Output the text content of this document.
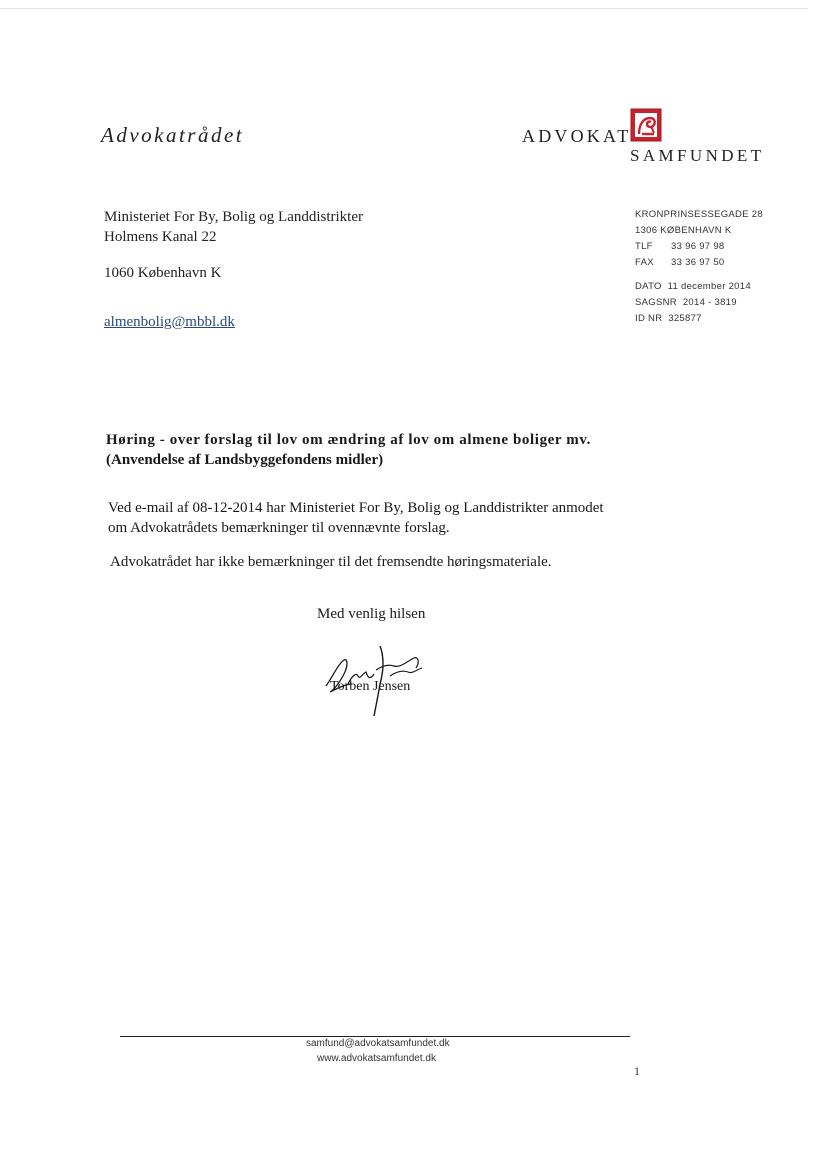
Advokatrådet	ADVOKAT
SAMFUNDET
Ministeriet For By, Bolig og Landdistrikter
Holmens Kanal 22
1060 København K
almenbolig@mbbl.dk
KRONPRINSESSEGADE 28
1306 KØBENHAVN K
TLF 33 96 97 98
FAX 33 36 97 50
DATO 11 december 2014
SAGSNR 2014 - 3819
ID NR 325877
Høring - over forslag til lov om ændring af lov om almene boliger mv.
(Anvendelse af Landsbyggefondens midler)
Ved e-mail af 08-12-2014 har Ministeriet For By, Bolig og Landdistrikter anmodet
om Advokatrådets bemærkninger til ovennævnte forslag.
Advokatrådet har ikke bemærkninger til det fremsendte høringsmateriale.
Med venlig hilsen
Torben Jensen
samfund@advokatsamfundet.dk
www.advokatsamfundet.dk
1
